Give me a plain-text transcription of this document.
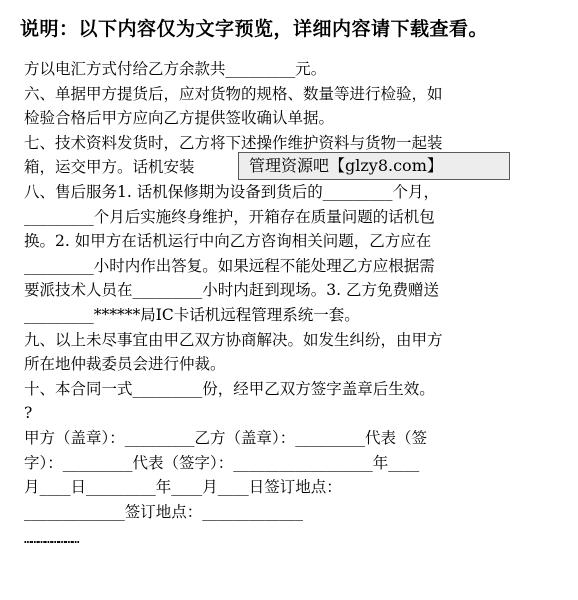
说明：以下内容仅为文字预览，详细内容请下载查看。
方以电汇方式付给乙方余款共_________元。
六、单据甲方提货后，应对货物的规格、数量等进行检验，如
检验合格后甲方应向乙方提供签收确认单据。
七、技术资料发货时，乙方将下述操作维护资料与货物一起装
箱，运交甲方。话机安装
八、售后服务1. 话机保修期为设备到货后的_________个月，
_________个月后实施终身维护，开箱存在质量问题的话机包
换。2. 如甲方在话机运行中向乙方咨询相关问题，乙方应在
_________小时内作出答复。如果远程不能处理乙方应根据需
要派技术人员在_________小时内赶到现场。3. 乙方免费赠送
_________******局IC卡话机远程管理系统一套。
九、以上未尽事宜由甲乙双方协商解决。如发生纠纷，由甲方
所在地仲裁委员会进行仲裁。
十、本合同一式_________份，经甲乙双方签字盖章后生效。
?
甲方（盖章）：_________乙方（盖章）：_________代表（签
字）：_________代表（签字）：__________________年____
月____日_________年____月____日签订地点：
_____________签订地点：_____________
……………………
管理资源吧【glzy8.com】
